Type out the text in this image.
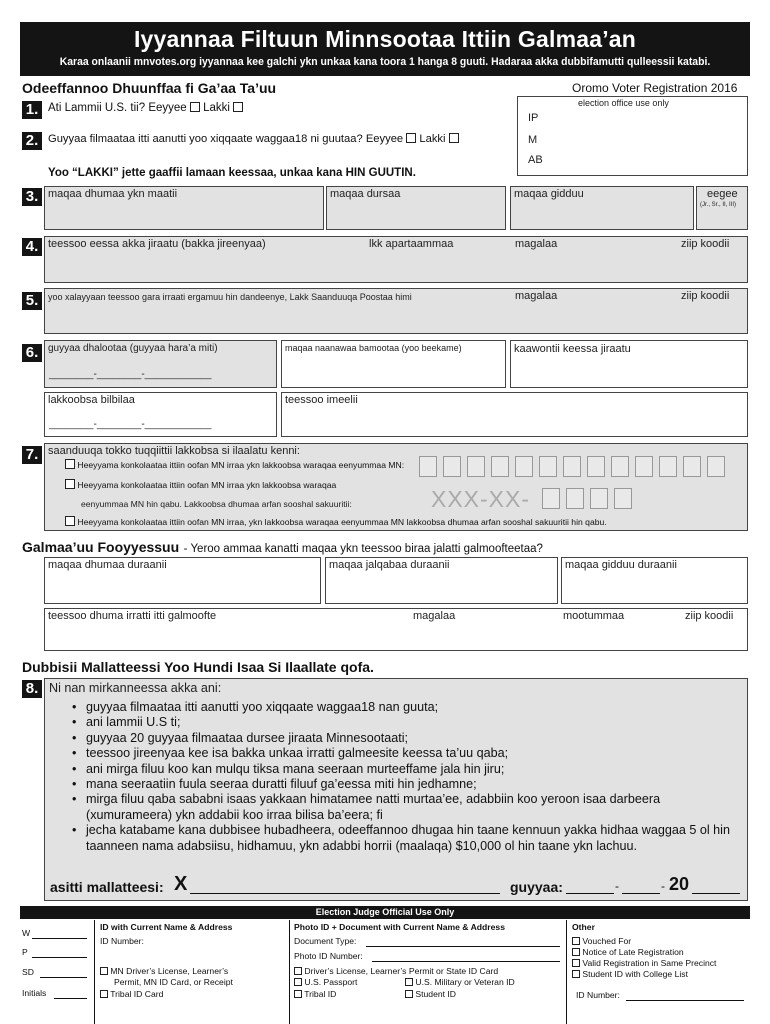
Iyyannaa Filtuun Minnsootaa Ittiin Galmaa’an
Karaa onlaanii mnvotes.org iyyannaa kee galchi ykn unkaa kana toora 1 hanga 8 guuti. Hadaraa akka dubbifamutti qulleessii katabi.
Odeeffannoo Dhuunffaa fi Ga’aa Ta’uu	Oromo Voter Registration 2016
election office use only
IP
M
AB
1. Ati Lammii U.S. tii? Eeyyee Lakki
2. Guyyaa filmaataa itti aanutti yoo xiqqaate waggaa18 ni guutaa? Eeyyee Lakki
Yoo “LAKKI” jette gaaffii lamaan keessaa, unkaa kana HIN GUUTIN.
3. maqaa dhumaa ykn maatii	maqaa dursaa	maqaa gidduu	eegee
(Jr., Sr., II, III)
4. teessoo eessa akka jiraatu (bakka jireenyaa)	lkk apartaammaa	magalaa	ziip koodii
5.	yoo xalayyaan teessoo gara irraati ergamuu hin dandeenye, Lakk Saanduuqa Poostaa himi	magalaa	ziip koodii
6. guyyaa dhalootaa (guyyaa hara’a miti)
________-________-____________
maqaa naanawaa bamootaa (yoo beekame)	kaawontii keessa jiraatu
lakkoobsa bilbilaa
________-________-____________
teessoo imeelii
7. saanduuqa tokko tuqqiittii lakkobsa si ilaalatu kenni:
Heeyyama konkolaataa ittiin oofan MN irraa ykn lakkoobsa waraqaa eenyummaa MN:
Heeyyama konkolaataa ittiin oofan MN irraa ykn lakkoobsa waraqaa
eenyummaa MN hin qabu. Lakkoobsa dhumaa arfan sooshal sakuuritii:
Heeyyama konkolaataa ittiin oofan MN irraa, ykn lakkoobsa waraqaa eenyummaa MN lakkoobsa dhumaa arfan sooshal sakuuritii hin qabu.
XXX-XX-
Galmaa’uu Fooyyessuu - Yeroo ammaa kanatti maqaa ykn teessoo biraa jalatti galmoofteetaa?
maqaa dhumaa duraanii	maqaa jalqabaa duraanii	maqaa gidduu duraanii
teessoo dhuma irratti itti galmoofte	magalaa	mootummaa	ziip koodii
Dubbisii Mallatteessi Yoo Hundi Isaa Si Ilaallate qofa.
8. Ni nan mirkanneessa akka ani:
• guyyaa filmaataa itti aanutti yoo xiqqaate waggaa18 nan guuta;
• ani lammii U.S ti;
• guyyaa 20 guyyaa filmaataa dursee jiraata Minnesootaati;
• teessoo jireenyaa kee isa bakka unkaa irratti galmeesite keessa ta’uu qaba;
• ani mirga filuu koo kan mulqu tiksa mana seeraan murteeffame jala hin jiru;
• mana seeraatiin fuula seeraa duratti filuuf ga’eessa miti hin jedhamne;
• mirga filuu qaba sababni isaas yakkaan himatamee natti murtaa’ee, adabbiin koo yeroon isaa darbeera (xumurameera) ykn addabii koo irraa bilisa ba’eera; fi
• jecha katabame kana dubbisee hubadheera, odeeffannoo dhugaa hin taane kennuun yakka hidhaa waggaa 5 ol hin taanneen nama adabsiisu, hidhamuu, ykn adabbi horrii (maalaqa) $10,000 ol hin taane ykn lachuu.
asitti mallatteesi: X	guyyaa:	-	- 20
Election Judge Official Use Only
W
P
SD
Initials
ID with Current Name & Address
ID Number:
MN Driver’s License, Learner’s
Permit, MN ID Card, or Receipt
Tribal ID Card
Photo ID + Document with Current Name & Address
Document Type:
Photo ID Number:
Driver’s License, Learner’s Permit or State ID Card
U.S. Passport	U.S. Military or Veteran ID
Tribal ID	Student ID
Other
Vouched For
Notice of Late Registration
Valid Registration in Same Precinct
Student ID with College List
ID Number:
